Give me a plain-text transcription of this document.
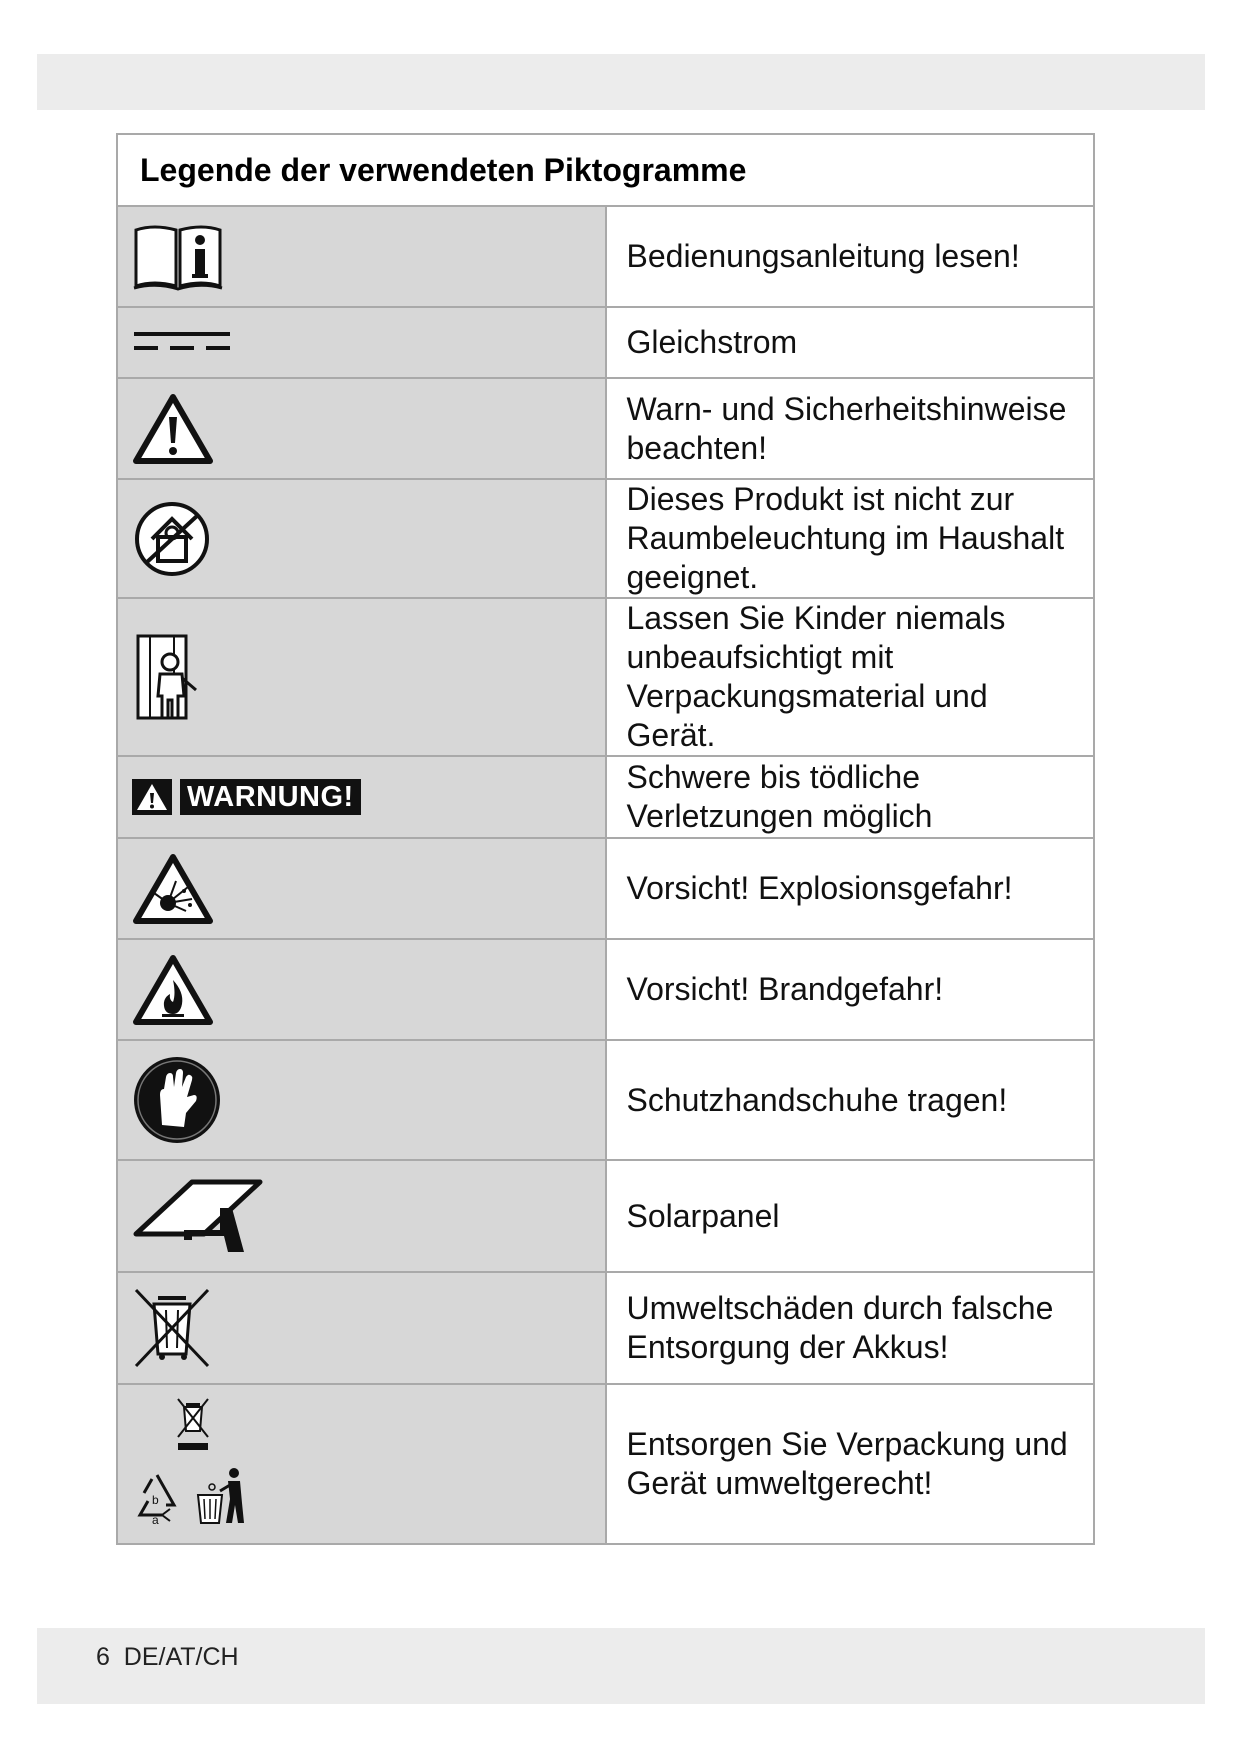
Legende der verwendeten Piktogramme	

	Bedienungsanleitung lesen!

	Gleichstrom

	Warn- und Sicherheitshinweise beachten!

	Dieses Produkt ist nicht zur Raumbeleuchtung im Haushalt geeignet.

	Lassen Sie Kinder niemals unbeaufsichtigt mit Verpackungsmaterial und Gerät.

WARNUNG!	Schwere bis tödliche Verletzungen möglich

	Vorsicht! Explosionsgefahr!

	Vorsicht! Brandgefahr!

	Schutzhandschuhe tragen!

	Solarpanel

	Umweltschäden durch falsche Entsorgung der Akkus!

b
a	Entsorgen Sie Verpackung und Gerät umweltgerecht!
6  DE/AT/CH
